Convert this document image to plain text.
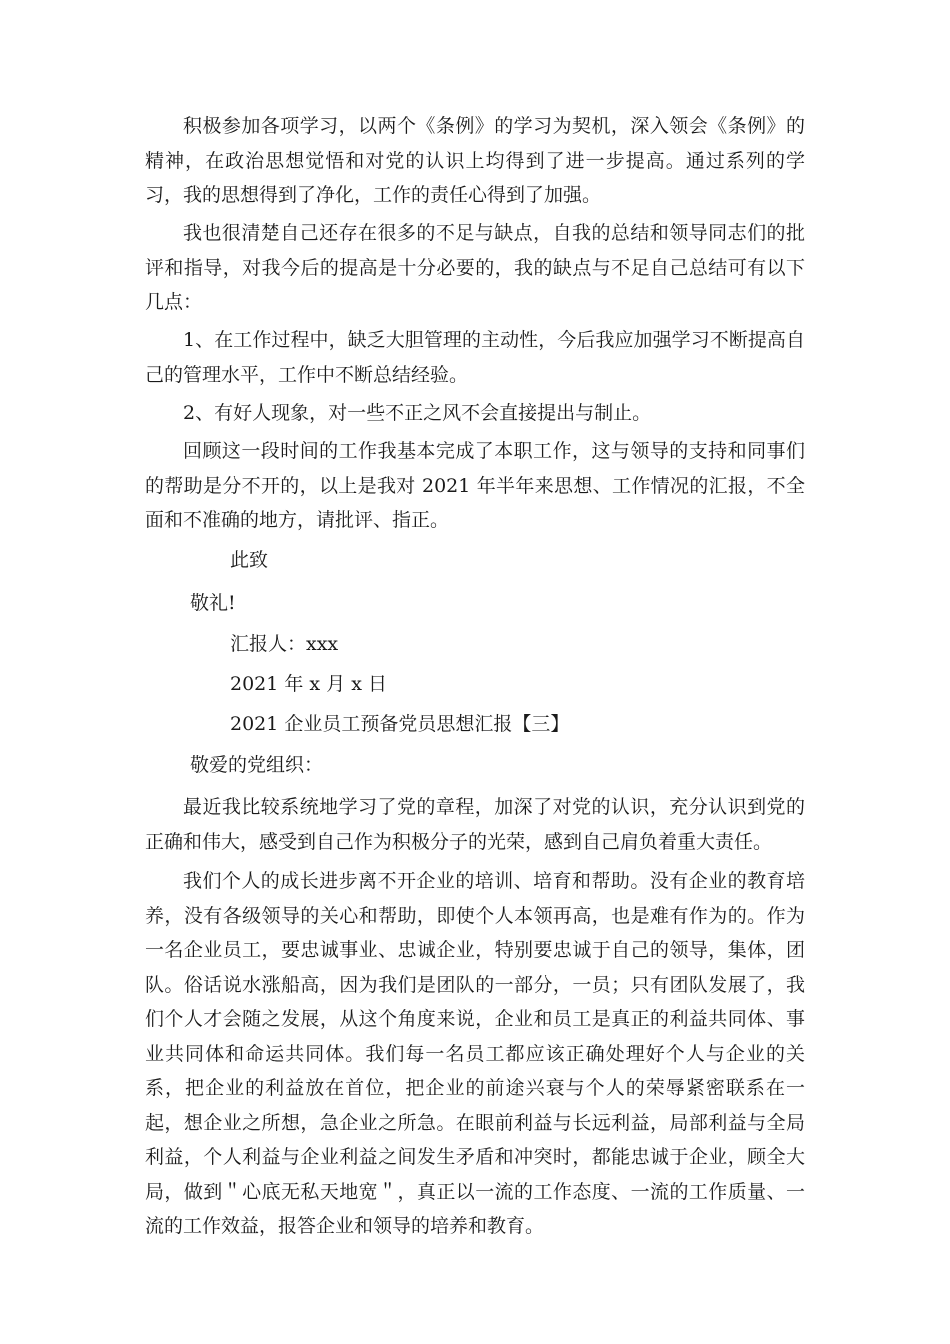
积极参加各项学习，以两个《条例》的学习为契机，深入领会《条例》的精神，在政治思想觉悟和对党的认识上均得到了进一步提高。通过系列的学习，我的思想得到了净化，工作的责任心得到了加强。

我也很清楚自己还存在很多的不足与缺点，自我的总结和领导同志们的批评和指导，对我今后的提高是十分必要的，我的缺点与不足自己总结可有以下几点：

1、在工作过程中，缺乏大胆管理的主动性，今后我应加强学习不断提高自己的管理水平，工作中不断总结经验。

2、有好人现象，对一些不正之风不会直接提出与制止。

回顾这一段时间的工作我基本完成了本职工作，这与领导的支持和同事们的帮助是分不开的，以上是我对 2021 年半年来思想、工作情况的汇报，不全面和不准确的地方，请批评、指正。

此致

敬礼!

汇报人：xxx

2021 年 x 月 x 日

2021 企业员工预备党员思想汇报【三】

敬爱的党组织：

最近我比较系统地学习了党的章程，加深了对党的认识，充分认识到党的正确和伟大，感受到自己作为积极分子的光荣，感到自己肩负着重大责任。

我们个人的成长进步离不开企业的培训、培育和帮助。没有企业的教育培养，没有各级领导的关心和帮助，即使个人本领再高，也是难有作为的。作为一名企业员工，要忠诚事业、忠诚企业，特别要忠诚于自己的领导，集体，团队。俗话说水涨船高，因为我们是团队的一部分，一员；只有团队发展了，我们个人才会随之发展，从这个角度来说，企业和员工是真正的利益共同体、事业共同体和命运共同体。我们每一名员工都应该正确处理好个人与企业的关系，把企业的利益放在首位，把企业的前途兴衰与个人的荣辱紧密联系在一起，想企业之所想，急企业之所急。在眼前利益与长远利益，局部利益与全局利益，个人利益与企业利益之间发生矛盾和冲突时，都能忠诚于企业，顾全大局，做到＂心底无私天地宽＂，真正以一流的工作态度、一流的工作质量、一流的工作效益，报答企业和领导的培养和教育。
